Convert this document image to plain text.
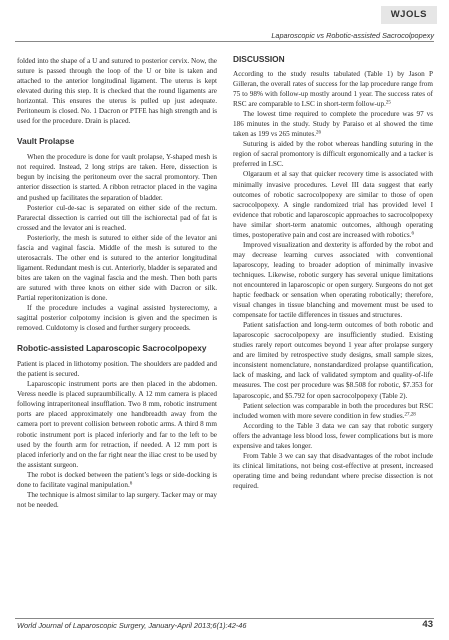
WJOLS
Laparoscopic vs Robotic-assisted Sacrocolpopexy

folded into the shape of a U and sutured to posterior cervix. Now, the suture is passed through the loop of the U or bite is taken and attached to the anterior longitudinal ligament. The uterus is kept elevated during this step. It is checked that the round ligaments are horizontal. This ensures the uterus is pulled up just adequate. Peritoneum is closed. No. 1 Dacron or PTFE has high strength and is used for the procedure. Drain is placed.

Vault Prolapse

When the procedure is done for vault prolapse, Y-shaped mesh is not required. Instead, 2 long strips are taken. Here, dissection is begun by incising the peritoneum over the sacral promontory. Then anterior dissection is started. A ribbon retractor placed in the vagina and pushed up facilitates the separation of bladder.

Posterior cul-de-sac is separated on either side of the rectum. Pararectal dissection is carried out till the ischiorectal pad of fat is crossed and the levator ani is reached.

Posteriorly, the mesh is sutured to either side of the levator ani fascia and vaginal fascia. Middle of the mesh is sutured to the uterosacrals. The other end is sutured to the anterior longitudinal ligament. Redundant mesh is cut. Anteriorly, bladder is separated and bites are taken on the vaginal fascia and the mesh. Then both parts are sutured with three knots on either side with Dacron or silk. Partial reperitonization is done.

If the procedure includes a vaginal assisted hysterectomy, a sagittal posterior colpotomy incision is given and the specimen is removed. Culdotomy is closed and further surgery proceeds.

Robotic-assisted Laparoscopic Sacrocolpopexy

Patient is placed in lithotomy position. The shoulders are padded and the patient is secured.

Laparoscopic instrument ports are then placed in the abdomen. Veress needle is placed supraumbilically. A 12 mm camera is placed following intraperitoneal insufflation. Two 8 mm, robotic instrument ports are placed approximately one handbreadth away from the camera port to prevent collision between robotic arms. A third 8 mm robotic instrument port is placed inferiorly and far to the left to be used by the fourth arm for retraction, if needed. A 12 mm port is placed inferiorly and on the far right near the iliac crest to be used by the assistant surgeon.

The robot is docked between the patient’s legs or side-docking is done to facilitate vaginal manipulation.$^6$

The technique is almost similar to lap surgery. Tacker may or may not be needed.

DISCUSSION

According to the study results tabulated (Table 1) by Jason P Gilleran, the overall rates of success for the lap procedure range from 75 to 98% with follow-up mostly around 1 year. The success rates of RSC are comparable to LSC in short-term follow-up.$^{25}$

The lowest time required to complete the procedure was 97 vs 186 minutes in the study. Study by Paraiso et al showed the time taken as 199 vs 265 minutes.$^{26}$

Suturing is aided by the robot whereas handling suturing in the region of sacral promontory is difficult ergonomically and a tacker is preferred in LSC.

Olgaraum et al say that quicker recovery time is associated with minimally invasive procedures. Level III data suggest that early outcomes of robotic sacrocolpopexy are similar to those of open sacrocolpopexy. A single randomized trial has provided level I evidence that robotic and laparoscopic approaches to sacrocolpopexy have similar short-term anatomic outcomes, although operating times, postoperative pain and cost are increased with robotics.$^6$

Improved visualization and dexterity is afforded by the robot and may decrease learning curves associated with conventional laparoscopy, leading to broader adoption of minimally invasive techniques. Likewise, robotic surgery has several unique limitations not encountered in laparoscopic or open surgery. Surgeons do not get haptic feedback or sensation when operating robotically; therefore, visual changes in tissue blanching and movement must be used to compensate for tactile differences in tissues and structures.

Patient satisfaction and long-term outcomes of both robotic and laparoscopic sacrocolpopexy are insufficiently studied. Existing studies rarely report outcomes beyond 1 year after prolapse surgery and are limited by retrospective study designs, small sample sizes, inconsistent nomenclature, nonstandardized prolapse quantification, lack of masking, and lack of validated symptom and quality-of-life measures. The cost per procedure was $8.508 for robotic, $7.353 for laparoscopic, and $5.792 for open sacrocolpopexy (Table 2).

Patient selection was comparable in both the procedures but RSC included women with more severe condition in few studies.$^{27,28}$

According to the Table 3 data we can say that robotic surgery offers the advantage less blood loss, fewer complications but is more expensive and takes longer.

From Table 3 we can say that disadvantages of the robot include its clinical limitations, not being cost-effective at present, increased operating time and being redundant where precise dissection is not required.

World Journal of Laparoscopic Surgery, January-April 2013;6(1):42-46	43
